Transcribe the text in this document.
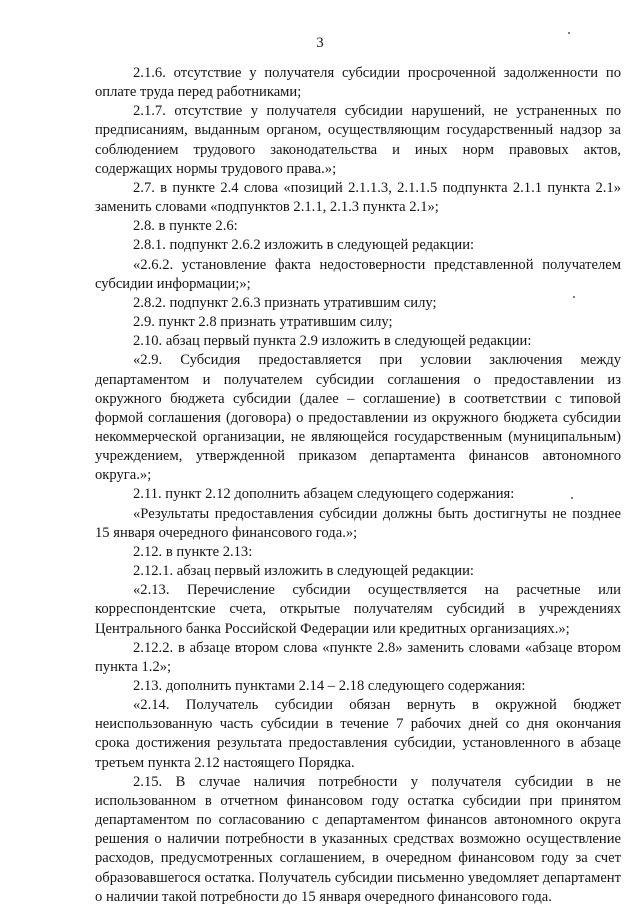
3

2.1.6. отсутствие у получателя субсидии просроченной задолженности по оплате труда перед работниками;

2.1.7. отсутствие у получателя субсидии нарушений, не устраненных по предписаниям, выданным органом, осуществляющим государственный надзор за соблюдением трудового законодательства и иных норм правовых актов, содержащих нормы трудового права.»;

2.7. в пункте 2.4 слова «позиций 2.1.1.3, 2.1.1.5 подпункта 2.1.1 пункта 2.1» заменить словами «подпунктов 2.1.1, 2.1.3 пункта 2.1»;

2.8. в пункте 2.6:

2.8.1. подпункт 2.6.2 изложить в следующей редакции:

«2.6.2. установление факта недостоверности представленной получателем субсидии информации;»;

2.8.2. подпункт 2.6.3 признать утратившим силу;

2.9. пункт 2.8 признать утратившим силу;

2.10. абзац первый пункта 2.9 изложить в следующей редакции:

«2.9. Субсидия предоставляется при условии заключения между департаментом и получателем субсидии соглашения о предоставлении из окружного бюджета субсидии (далее – соглашение) в соответствии с типовой формой соглашения (договора) о предоставлении из окружного бюджета субсидии некоммерческой организации, не являющейся государственным (муниципальным) учреждением, утвержденной приказом департамента финансов автономного округа.»;

2.11. пункт 2.12 дополнить абзацем следующего содержания:

«Результаты предоставления субсидии должны быть достигнуты не позднее 15 января очередного финансового года.»;

2.12. в пункте 2.13:

2.12.1. абзац первый изложить в следующей редакции:

«2.13. Перечисление субсидии осуществляется на расчетные или корреспондентские счета, открытые получателям субсидий в учреждениях Центрального банка Российской Федерации или кредитных организациях.»;

2.12.2. в абзаце втором слова «пункте 2.8» заменить словами «абзаце втором пункта 1.2»;

2.13. дополнить пунктами 2.14 – 2.18 следующего содержания:

«2.14. Получатель субсидии обязан вернуть в окружной бюджет неиспользованную часть субсидии в течение 7 рабочих дней со дня окончания срока достижения результата предоставления субсидии, установленного в абзаце третьем пункта 2.12 настоящего Порядка.

2.15. В случае наличия потребности у получателя субсидии в не использованном в отчетном финансовом году остатка субсидии при принятом департаментом по согласованию с департаментом финансов автономного округа решения о наличии потребности в указанных средствах возможно осуществление расходов, предусмотренных соглашением, в очередном финансовом году за счет образовавшегося остатка. Получатель субсидии письменно уведомляет департамент о наличии такой потребности до 15 января очередного финансового года.
